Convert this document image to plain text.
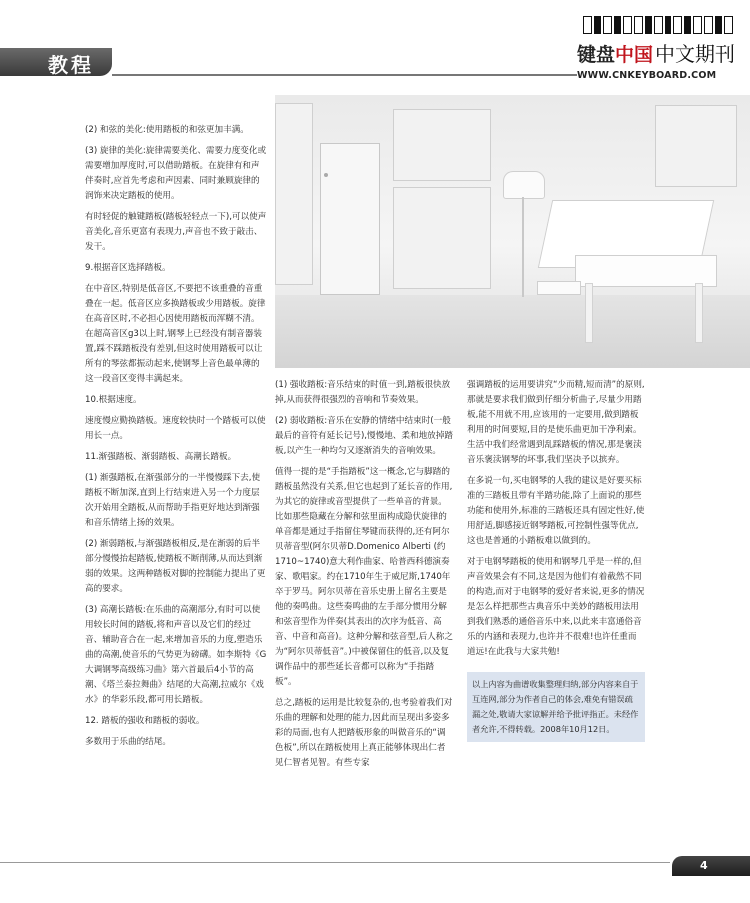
教程	键盘中国 中文期刊
WWW.CNKEYBOARD.COM

(2) 和弦的美化:使用踏板的和弦更加丰满。

(3) 旋律的美化:旋律需要美化、需要力度变化或需要增加厚度时,可以借助踏板。在旋律有和声伴奏时,应首先考虑和声因素、同时兼顾旋律的润饰来决定踏板的使用。

有时轻促的触键踏板(踏板轻轻点一下),可以使声音美化,音乐更富有表现力,声音也不致于敲击、发干。

9.根据音区选择踏板。

在中音区,特别是低音区,不要把不该重叠的音重叠在一起。低音区应多换踏板或少用踏板。旋律在高音区时,不必担心因使用踏板而浑糊不清。在超高音区g3以上时,钢琴上已经没有制音器装置,踩不踩踏板没有差别,但这时使用踏板可以让所有的琴弦都振动起来,使钢琴上音色最单薄的这一段音区变得丰满起来。

10.根据速度。

速度慢应勤换踏板。速度较快时一个踏板可以使用长一点。

11.渐强踏板、渐弱踏板、高潮长踏板。

(1) 渐强踏板,在渐强部分的一半慢慢踩下去,使踏板不断加深,直到上行结束进入另一个力度层次开始用全踏板,从而帮助手指更好地达到渐强和音乐情绪上扬的效果。

(2) 渐弱踏板,与渐强踏板相反,是在渐弱的后半部分慢慢抬起踏板,使踏板不断削薄,从而达到渐弱的效果。这两种踏板对脚的控制能力提出了更高的要求。

(3) 高潮长踏板:在乐曲的高潮部分,有时可以使用较长时间的踏板,将和声音以及它们的经过音、辅助音合在一起,来增加音乐的力度,塑造乐曲的高潮,使音乐的气势更为磅礴。如李斯特《G大调钢琴高级练习曲》第六首最后4小节的高潮、《塔兰泰拉舞曲》结尾的大高潮,拉威尔《戏水》的华彩乐段,都可用长踏板。

12. 踏板的强收和踏板的弱收。

多数用于乐曲的结尾。

(1) 强收踏板:音乐结束的时值一到,踏板很快放掉,从而获得很强烈的音响和节奏效果。

(2) 弱收踏板:音乐在安静的情绪中结束时(一般最后的音符有延长记号),慢慢地、柔和地放掉踏板,以产生一种均匀又逐渐消失的音响效果。

值得一提的是“手指踏板”这一概念,它与脚踏的踏板虽然没有关系,但它也起到了延长音的作用,为其它的旋律或音型提供了一些单音的背景。比如那些隐藏在分解和弦里面构成隐伏旋律的单音都是通过手指留住琴键而获得的,还有阿尔贝蒂音型(阿尔贝蒂D.Domenico Alberti (约1710~1740)意大利作曲家、哈普西科德演奏家、歌唱家。约在1710年生于威尼斯,1740年卒于罗马。阿尔贝蒂在音乐史册上留名主要是他的奏鸣曲。这些奏鸣曲的左手部分惯用分解和弦音型作为伴奏(其表出的次序为低音、高音、中音和高音)。这种分解和弦音型,后人称之为“阿尔贝蒂低音”。)中被保留住的低音,以及复调作品中的那些延长音都可以称为“手指踏板”。

总之,踏板的运用是比较复杂的,也考验着我们对乐曲的理解和处理的能力,因此而呈现出多姿多彩的局面,也有人把踏板形象的叫做音乐的“调色板”,所以在踏板使用上真正能够体现出仁者见仁智者见智。有些专家

强调踏板的运用要讲究“少而精,短而清”的原则,那就是要求我们做到仔细分析曲子,尽量少用踏板,能不用就不用,应该用的一定要用,做到踏板利用的时间要短,目的是使乐曲更加干净利索。生活中我们经常遇到乱踩踏板的情况,那是褒渎音乐褒渎钢琴的坏事,我们坚决予以摈弃。

在多说一句,买电钢琴的人我的建议是好要买标准的三踏板且带有半踏功能,除了上面说的那些功能和使用外,标准的三踏板还具有固定性好,使用舒适,脚感接近钢琴踏板,可控制性强等优点,这也是普通的小踏板难以做到的。

对于电钢琴踏板的使用和钢琴几乎是一样的,但声音效果会有不同,这是因为他们有着截然不同的构造,而对于电钢琴的爱好者来说,更多的情况是怎么样把那些古典音乐中美妙的踏板用法用到我们熟悉的通俗音乐中来,以此来丰富通俗音乐的内涵和表现力,也许并不很难!也许任重而道远!在此我与大家共勉!

以上内容为曲谱收集整理归纳,部分内容来自于互连网,部分为作者自己的体会,难免有错误疏漏之处,敬请大家谅解并给予批评指正。未经作者允许,不得转载。2008年10月12日。
4
